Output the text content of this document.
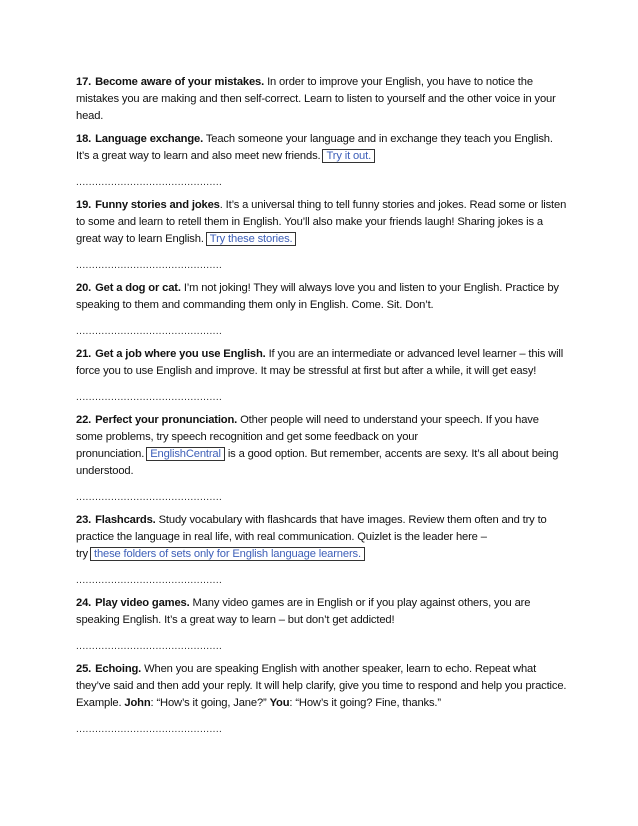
17. Become aware of your mistakes. In order to improve your English, you have to notice the mistakes you are making and then self-correct. Learn to listen to yourself and the other voice in your head.

18. Language exchange. Teach someone your language and in exchange they teach you English. It’s a great way to learn and also meet new friends. Try it out.

..............................................

19. Funny stories and jokes. It’s a universal thing to tell funny stories and jokes. Read some or listen to some and learn to retell them in English. You’ll also make your friends laugh! Sharing jokes is a great way to learn English. Try these stories.

..............................................

20. Get a dog or cat. I’m not joking! They will always love you and listen to your English. Practice by speaking to them and commanding them only in English. Come. Sit. Don’t.

..............................................

21. Get a job where you use English. If you are an intermediate or advanced level learner – this will force you to use English and improve. It may be stressful at first but after a while, it will get easy!

..............................................

22. Perfect your pronunciation. Other people will need to understand your speech. If you have some problems, try speech recognition and get some feedback on your pronunciation. EnglishCentral is a good option. But remember, accents are sexy. It’s all about being understood.

..............................................

23. Flashcards. Study vocabulary with flashcards that have images. Review them often and try to practice the language in real life, with real communication. Quizlet is the leader here – try these folders of sets only for English language learners.

..............................................

24. Play video games. Many video games are in English or if you play against others, you are speaking English. It’s a great way to learn – but don’t get addicted!

..............................................

25. Echoing. When you are speaking English with another speaker, learn to echo. Repeat what they’ve said and then add your reply. It will help clarify, give you time to respond and help you practice. Example. John: “How’s it going, Jane?” You: “How’s it going? Fine, thanks.”

..............................................
